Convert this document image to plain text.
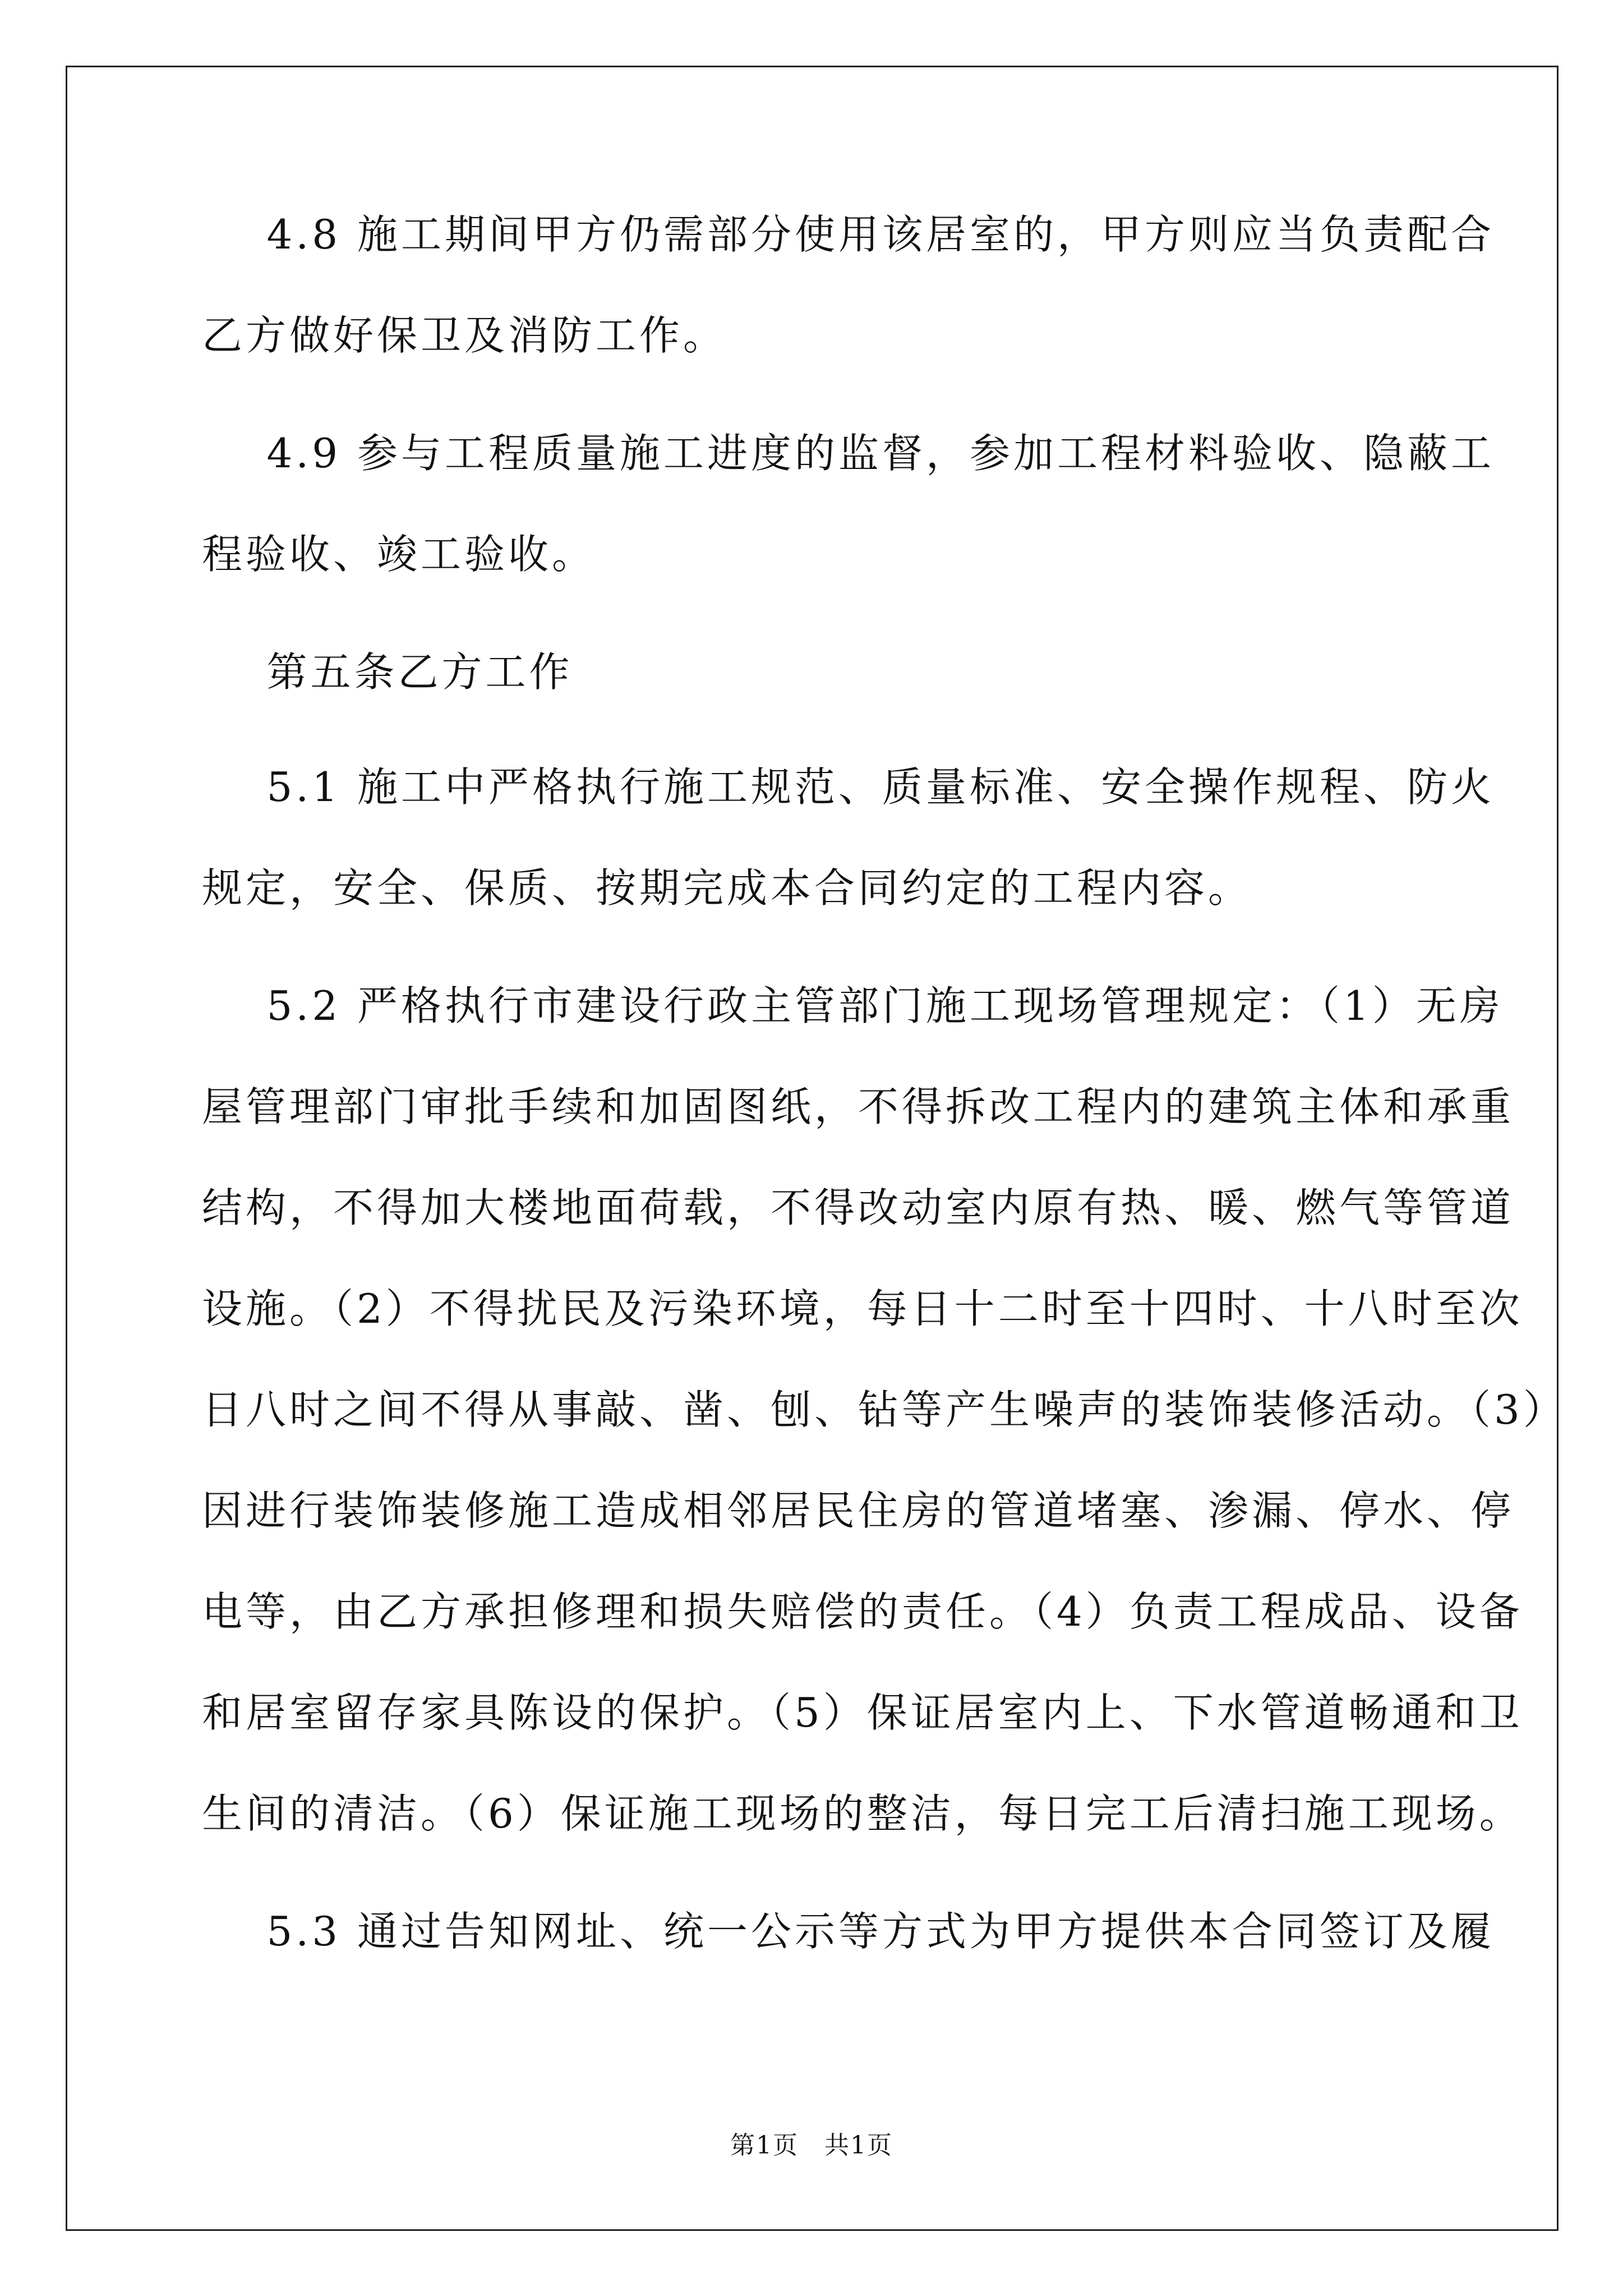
4.8 施工期间甲方仍需部分使用该居室的，甲方则应当负责配合
乙方做好保卫及消防工作。
4.9 参与工程质量施工进度的监督，参加工程材料验收、隐蔽工
程验收、竣工验收。
第五条乙方工作
5.1 施工中严格执行施工规范、质量标准、安全操作规程、防火
规定，安全、保质、按期完成本合同约定的工程内容。
5.2 严格执行市建设行政主管部门施工现场管理规定：（1）无房
屋管理部门审批手续和加固图纸，不得拆改工程内的建筑主体和承重
结构，不得加大楼地面荷载，不得改动室内原有热、暖、燃气等管道
设施。（2）不得扰民及污染环境，每日十二时至十四时、十八时至次
日八时之间不得从事敲、凿、刨、钻等产生噪声的装饰装修活动。（3）
因进行装饰装修施工造成相邻居民住房的管道堵塞、渗漏、停水、停
电等，由乙方承担修理和损失赔偿的责任。（4）负责工程成品、设备
和居室留存家具陈设的保护。（5）保证居室内上、下水管道畅通和卫
生间的清洁。（6）保证施工现场的整洁，每日完工后清扫施工现场。
5.3 通过告知网址、统一公示等方式为甲方提供本合同签订及履
第1页　共1页
